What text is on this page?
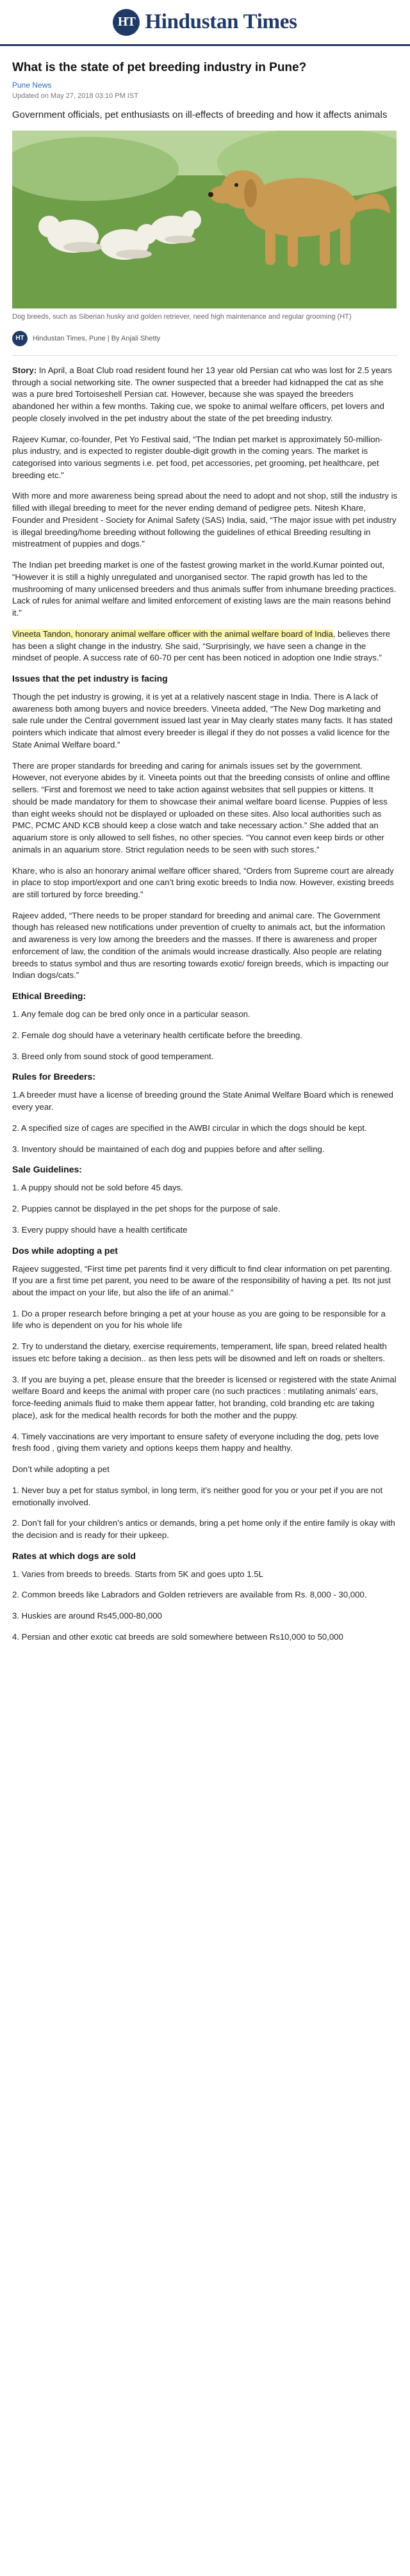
HT Hindustan Times
What is the state of pet breeding industry in Pune?
Pune News
Updated on May 27, 2018 03:10 PM IST
Government officials, pet enthusiasts on ill-effects of breeding and how it affects animals
Dog breeds, such as Siberian husky and golden retriever, need high maintenance and regular grooming (HT)
HT	Hindustan Times, Pune | By Anjali Shetty

Story: In April, a Boat Club road resident found her 13 year old Persian cat who was lost for 2.5 years through a social networking site. The owner suspected that a breeder had kidnapped the cat as she was a pure bred Tortoiseshell Persian cat. However, because she was spayed the breeders abandoned her within a few months. Taking cue, we spoke to animal welfare officers, pet lovers and people closely involved in the pet industry about the state of the pet breeding industry.

Rajeev Kumar, co-founder, Pet Yo Festival said, “The Indian pet market is approximately 50-million-plus industry, and is expected to register double-digit growth in the coming years. The market is categorised into various segments i.e. pet food, pet accessories, pet grooming, pet healthcare, pet breeding etc.”

With more and more awareness being spread about the need to adopt and not shop, still the industry is filled with illegal breeding to meet for the never ending demand of pedigree pets. Nitesh Khare, Founder and President - Society for Animal Safety (SAS) India, said, “The major issue with pet industry is illegal breeding/home breeding without following the guidelines of ethical Breeding resulting in mistreatment of puppies and dogs.”

The Indian pet breeding market is one of the fastest growing market in the world.Kumar pointed out, “However it is still a highly unregulated and unorganised sector. The rapid growth has led to the mushrooming of many unlicensed breeders and thus animals suffer from inhumane breeding practices. Lack of rules for animal welfare and limited enforcement of existing laws are the main reasons behind it.”

Vineeta Tandon, honorary animal welfare officer with the animal welfare board of India, believes there has been a slight change in the industry. She said, “Surprisingly, we have seen a change in the mindset of people. A success rate of 60-70 per cent has been noticed in adoption one Indie strays.”

Issues that the pet industry is facing

Though the pet industry is growing, it is yet at a relatively nascent stage in India. There is A lack of awareness both among buyers and novice breeders. Vineeta added, “The New Dog marketing and sale rule under the Central government issued last year in May clearly states many facts. It has stated pointers which indicate that almost every breeder is illegal if they do not posses a valid licence for the State Animal Welfare board.”

There are proper standards for breeding and caring for animals issues set by the government. However, not everyone abides by it. Vineeta points out that the breeding consists of online and offline sellers. “First and foremost we need to take action against websites that sell puppies or kittens. It should be made mandatory for them to showcase their animal welfare board license. Puppies of less than eight weeks should not be displayed or uploaded on these sites. Also local authorities such as PMC, PCMC AND KCB should keep a close watch and take necessary action.” She added that an aquarium store is only allowed to sell fishes, no other species. “You cannot even keep birds or other animals in an aquarium store. Strict regulation needs to be seen with such stores.”

Khare, who is also an honorary animal welfare officer shared, “Orders from Supreme court are already in place to stop import/export and one can’t bring exotic breeds to India now. However, existing breeds are still tortured by force breeding.”

Rajeev added, “There needs to be proper standard for breeding and animal care. The Government though has released new notifications under prevention of cruelty to animals act, but the information and awareness is very low among the breeders and the masses. If there is awareness and proper enforcement of law, the condition of the animals would increase drastically. Also people are relating breeds to status symbol and thus are resorting towards exotic/ foreign breeds, which is impacting our Indian dogs/cats.”

Ethical Breeding:

1. Any female dog can be bred only once in a particular season.

2. Female dog should have a veterinary health certificate before the breeding.

3. Breed only from sound stock of good temperament.

Rules for Breeders:

1.A breeder must have a license of breeding ground the State Animal Welfare Board which is renewed every year.

2. A specified size of cages are specified in the AWBI circular in which the dogs should be kept.

3. Inventory should be maintained of each dog and puppies before and after selling.

Sale Guidelines:

1. A puppy should not be sold before 45 days.

2. Puppies cannot be displayed in the pet shops for the purpose of sale.

3. Every puppy should have a health certificate

Dos while adopting a pet

Rajeev suggested, “First time pet parents find it very difficult to find clear information on pet parenting. If you are a first time pet parent, you need to be aware of the responsibility of having a pet. Its not just about the impact on your life, but also the life of an animal.”

1. Do a proper research before bringing a pet at your house as you are going to be responsible for a life who is dependent on you for his whole life

2. Try to understand the dietary, exercise requirements, temperament, life span, breed related health issues etc before taking a decision.. as then less pets will be disowned and left on roads or shelters.

3. If you are buying a pet, please ensure that the breeder is licensed or registered with the state Animal welfare Board and keeps the animal with proper care (no such practices : mutilating animals’ ears, force-feeding animals fluid to make them appear fatter, hot branding, cold branding etc are taking place), ask for the medical health records for both the mother and the puppy.

4. Timely vaccinations are very important to ensure safety of everyone including the dog, pets love fresh food , giving them variety and options keeps them happy and healthy.

Don’t while adopting a pet

1. Never buy a pet for status symbol, in long term, it’s neither good for you or your pet if you are not emotionally involved.

2. Don’t fall for your children’s antics or demands, bring a pet home only if the entire family is okay with the decision and is ready for their upkeep.

Rates at which dogs are sold

1. Varies from breeds to breeds. Starts from 5K and goes upto 1.5L

2. Common breeds like Labradors and Golden retrievers are available from Rs. 8,000 - 30,000.

3. Huskies are around Rs45,000-80,000

4. Persian and other exotic cat breeds are sold somewhere between Rs10,000 to 50,000
